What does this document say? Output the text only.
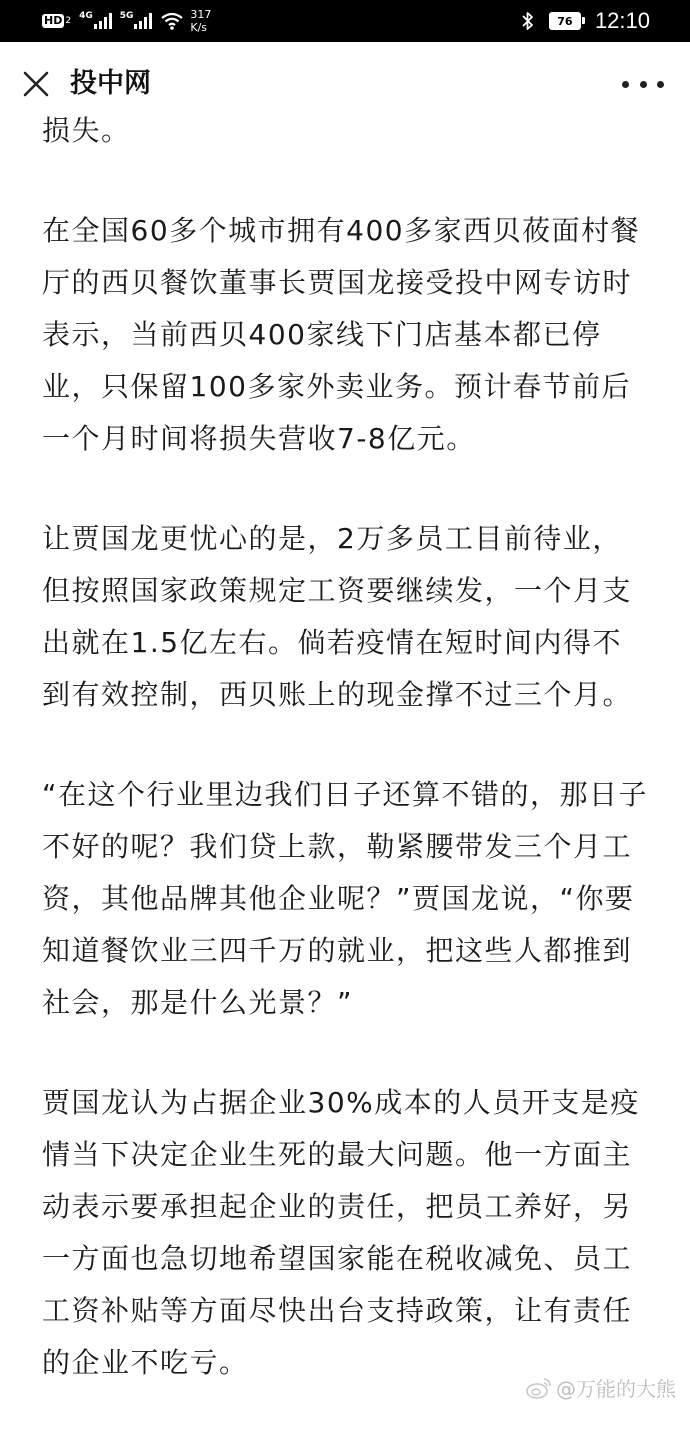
HD 2 4G	5G	317
K/s	76 12:10
投中网

损失。

在全国60多个城市拥有400多家西贝莜面村餐厅的西贝餐饮董事长贾国龙接受投中网专访时表示，当前西贝400家线下门店基本都已停业，只保留100多家外卖业务。预计春节前后一个月时间将损失营收7-8亿元。

让贾国龙更忧心的是，2万多员工目前待业，但按照国家政策规定工资要继续发，一个月支出就在1.5亿左右。倘若疫情在短时间内得不到有效控制，西贝账上的现金撑不过三个月。

“在这个行业里边我们日子还算不错的，那日子不好的呢？我们贷上款，勒紧腰带发三个月工资，其他品牌其他企业呢？”贾国龙说，“你要知道餐饮业三四千万的就业，把这些人都推到社会，那是什么光景？”

贾国龙认为占据企业30%成本的人员开支是疫情当下决定企业生死的最大问题。他一方面主动表示要承担起企业的责任，把员工养好，另一方面也急切地希望国家能在税收减免、员工工资补贴等方面尽快出台支持政策，让有责任的企业不吃亏。

@万能的大熊
